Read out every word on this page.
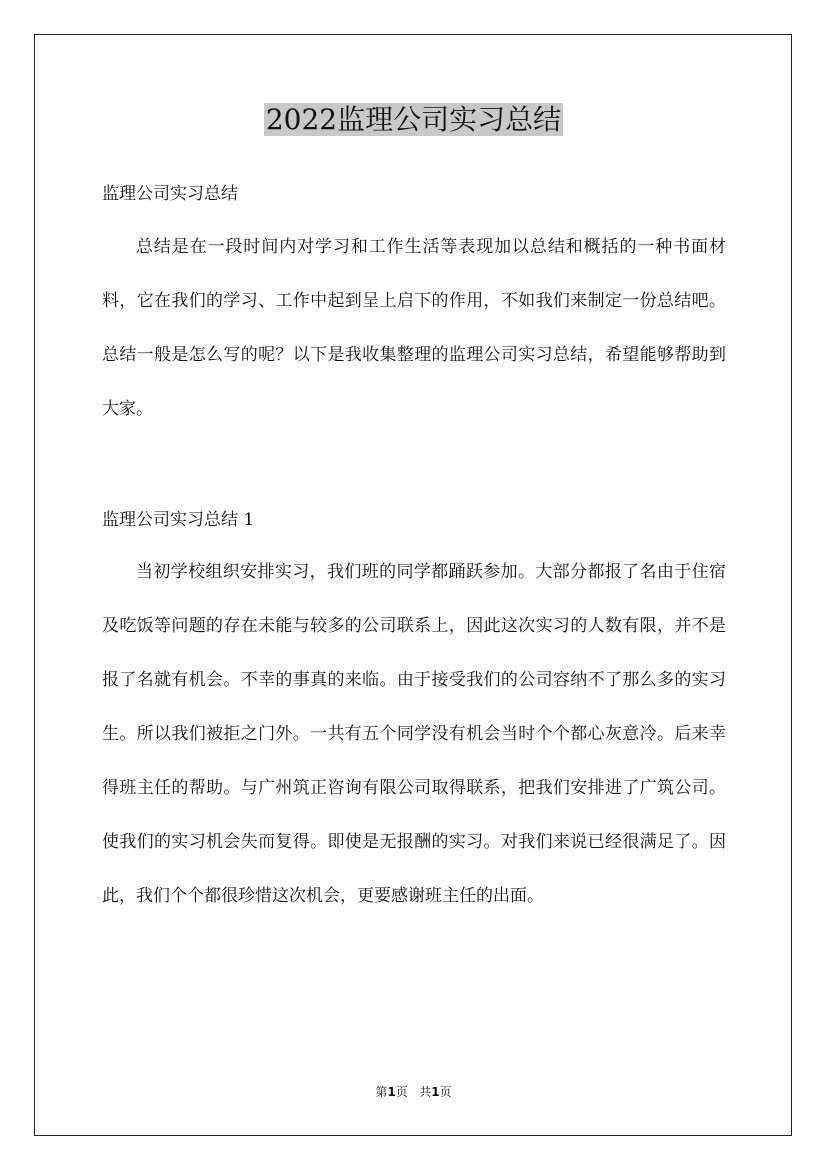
2022监理公司实习总结
监理公司实习总结

总结是在一段时间内对学习和工作生活等表现加以总结和概括的一种书面材料，它在我们的学习、工作中起到呈上启下的作用，不如我们来制定一份总结吧。总结一般是怎么写的呢？以下是我收集整理的监理公司实习总结，希望能够帮助到大家。

监理公司实习总结 1

当初学校组织安排实习，我们班的同学都踊跃参加。大部分都报了名由于住宿及吃饭等问题的存在未能与较多的公司联系上，因此这次实习的人数有限，并不是报了名就有机会。不幸的事真的来临。由于接受我们的公司容纳不了那么多的实习生。所以我们被拒之门外。一共有五个同学没有机会当时个个都心灰意冷。后来幸得班主任的帮助。与广州筑正咨询有限公司取得联系，把我们安排进了广筑公司。使我们的实习机会失而复得。即使是无报酬的实习。对我们来说已经很满足了。因此，我们个个都很珍惜这次机会，更要感谢班主任的出面。

第1页 共1页
